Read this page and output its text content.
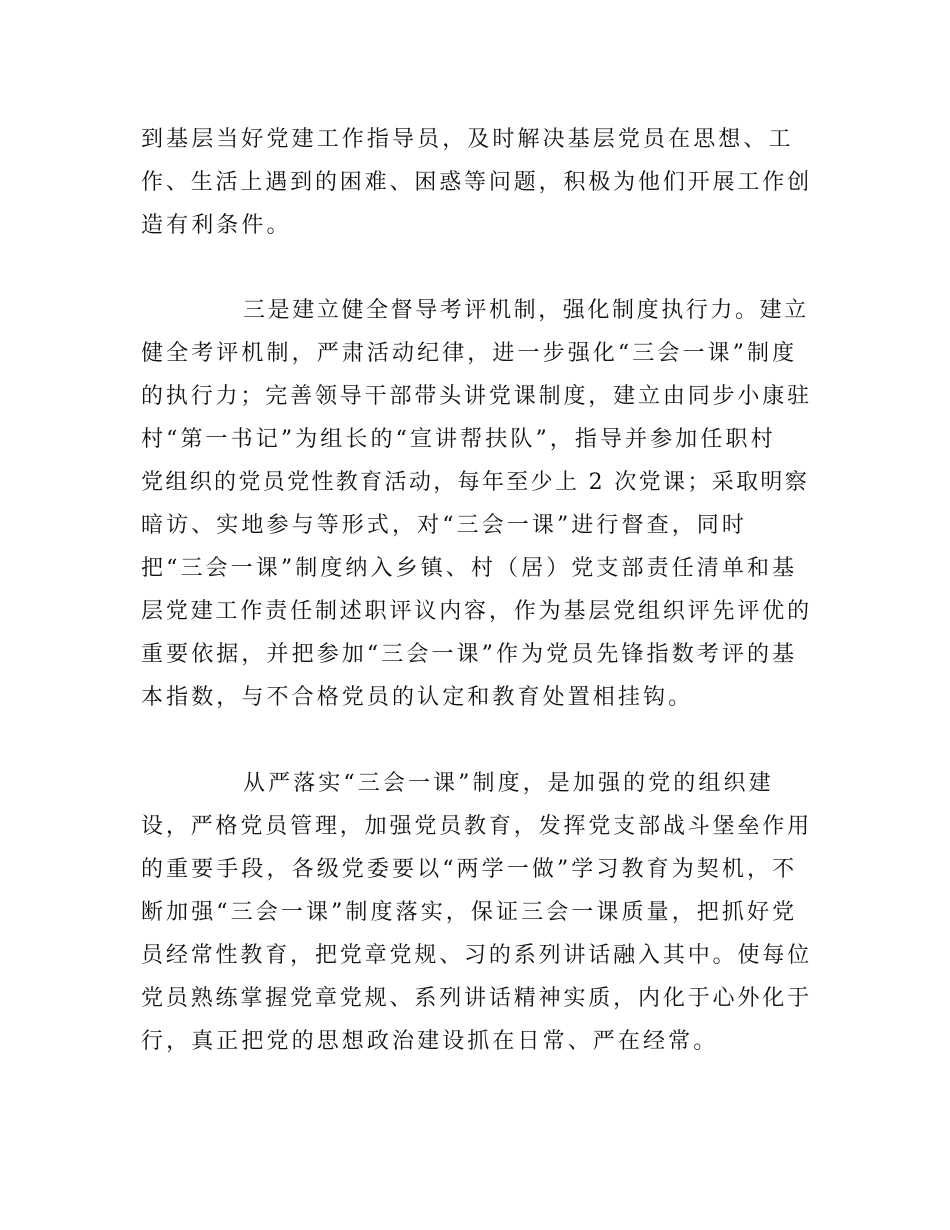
到基层当好党建工作指导员，及时解决基层党员在思想、工
作、生活上遇到的困难、困惑等问题，积极为他们开展工作创
造有利条件。
三是建立健全督导考评机制，强化制度执行力。建立
健全考评机制，严肃活动纪律，进一步强化“三会一课”制度
的执行力；完善领导干部带头讲党课制度，建立由同步小康驻
村“第一书记”为组长的“宣讲帮扶队”，指导并参加任职村
党组织的党员党性教育活动，每年至少上 2 次党课；采取明察
暗访、实地参与等形式，对“三会一课”进行督查，同时
把“三会一课”制度纳入乡镇、村（居）党支部责任清单和基
层党建工作责任制述职评议内容，作为基层党组织评先评优的
重要依据，并把参加“三会一课”作为党员先锋指数考评的基
本指数，与不合格党员的认定和教育处置相挂钩。
从严落实“三会一课”制度，是加强的党的组织建
设，严格党员管理，加强党员教育，发挥党支部战斗堡垒作用
的重要手段，各级党委要以“两学一做”学习教育为契机，不
断加强“三会一课”制度落实，保证三会一课质量，把抓好党
员经常性教育，把党章党规、习的系列讲话融入其中。使每位
党员熟练掌握党章党规、系列讲话精神实质，内化于心外化于
行，真正把党的思想政治建设抓在日常、严在经常。
